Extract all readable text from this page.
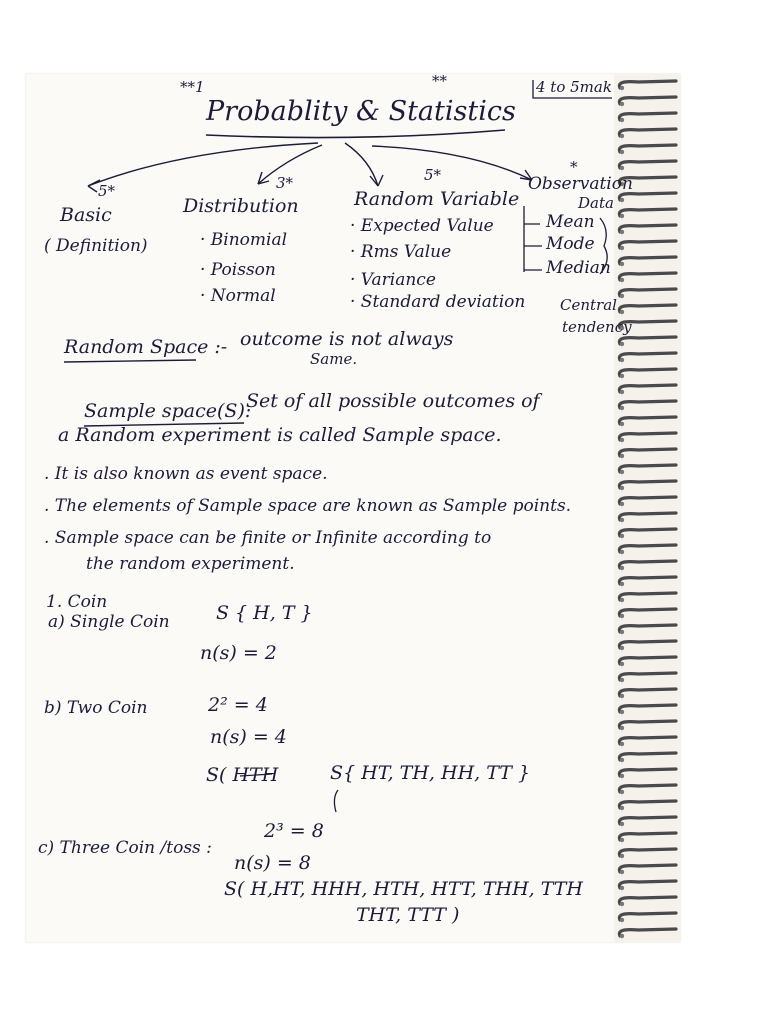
**1	**
Probablity & Statistics
4 to 5mak
5*
Basic
( Definition)
3*
Distribution
· Binomial
· Poisson
· Normal
5*
Random Variable
· Expected Value
· Rms Value
· Variance
· Standard deviation
*
Observation
Data
Mean
Mode
Median
Central
tendency
Random Space :- outcome is not always
Same.
Sample space(S):
Set of all possible outcomes of
a Random experiment is called Sample space.
. It is also known as event space.
. The elements of Sample space are known as Sample points.
. Sample space can be finite or Infinite according to
the random experiment.
1. Coin
a) Single Coin S { H, T }
n(s) = 2
b) Two Coin	2² = 4
n(s) = 4
S( HTH	S{ HT, TH, HH, TT }
c) Three Coin /toss :
2³ = 8
n(s) = 8
S( H,HT, HHH, HTH, HTT, THH, TTH
THT, TTT )
